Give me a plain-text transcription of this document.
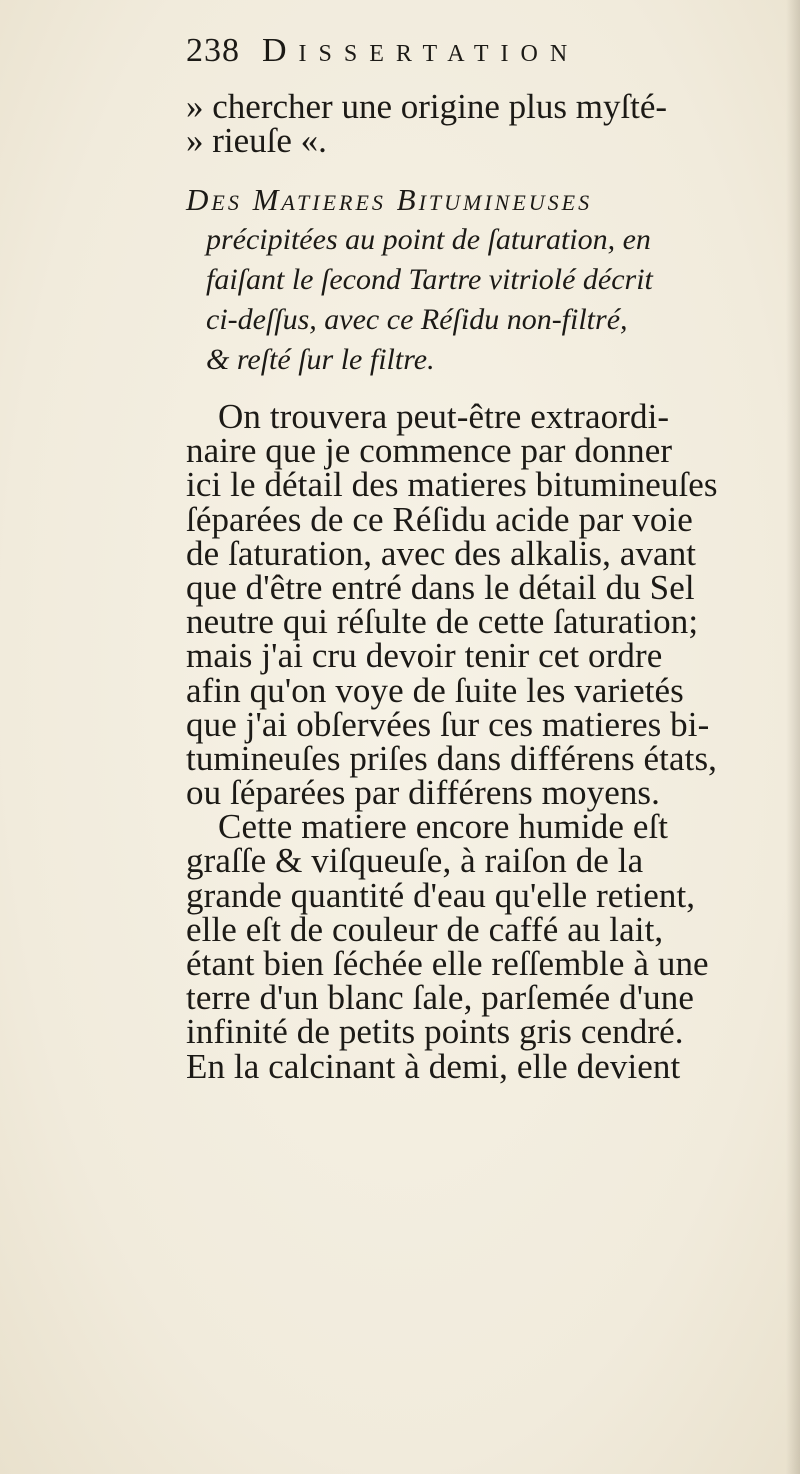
238 Dissertation
» chercher une origine plus myſté-
» rieuſe «.
Des Matieres Bitumineuses
précipitées au point de ſaturation, en
faiſant le ſecond Tartre vitriolé décrit
ci-deſſus, avec ce Réſidu non-filtré,
& reſté ſur le filtre.
On trouvera peut-être extraordi-
naire que je commence par donner
ici le détail des matieres bitumineuſes
ſéparées de ce Réſidu acide par voie
de ſaturation, avec des alkalis, avant
que d'être entré dans le détail du Sel
neutre qui réſulte de cette ſaturation;
mais j'ai cru devoir tenir cet ordre
afin qu'on voye de ſuite les varietés
que j'ai obſervées ſur ces matieres bi-
tumineuſes priſes dans différens états,
ou ſéparées par différens moyens.
Cette matiere encore humide eſt
graſſe & viſqueuſe, à raiſon de la
grande quantité d'eau qu'elle retient,
elle eſt de couleur de caffé au lait,
étant bien ſéchée elle reſſemble à une
terre d'un blanc ſale, parſemée d'une
infinité de petits points gris cendré.
En la calcinant à demi, elle devient
